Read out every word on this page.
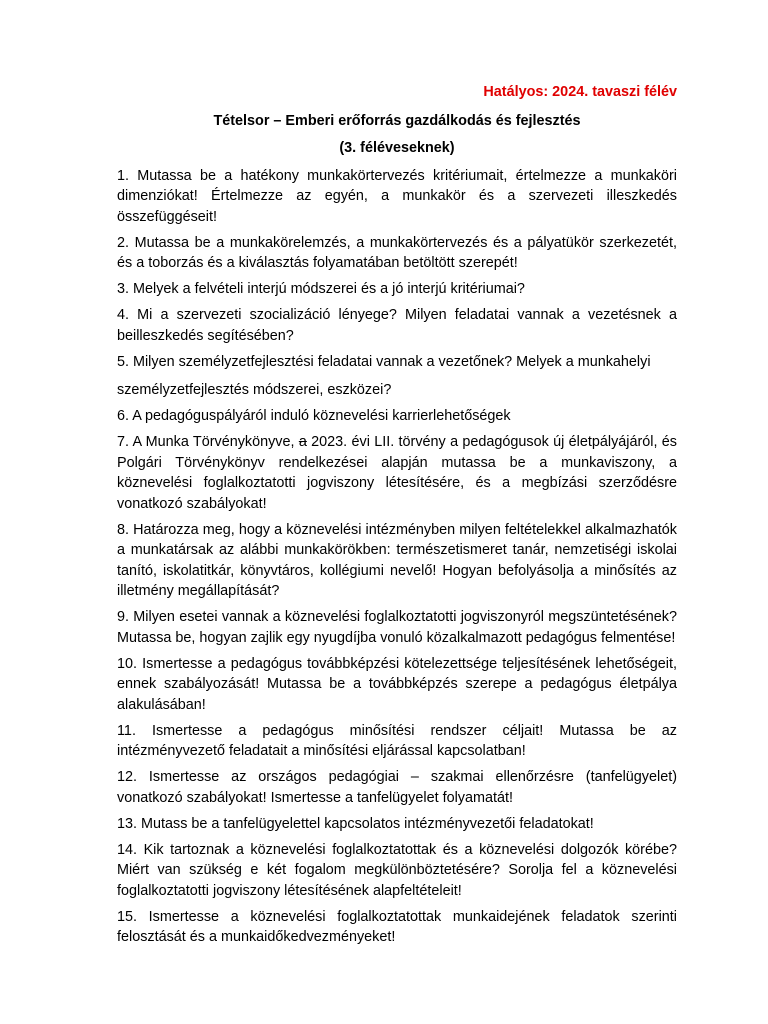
Hatályos: 2024. tavaszi félév
Tételsor – Emberi erőforrás gazdálkodás és fejlesztés
(3. féléveseknek)

1. Mutassa be a hatékony munkakörtervezés kritériumait, értelmezze a munkaköri dimenziókat! Értelmezze az egyén, a munkakör és a szervezeti illeszkedés összefüggéseit!

2. Mutassa be a munkakörelemzés, a munkakörtervezés és a pályatükör szerkezetét, és a toborzás és a kiválasztás folyamatában betöltött szerepét!

3. Melyek a felvételi interjú módszerei és a jó interjú kritériumai?

4. Mi a szervezeti szocializáció lényege? Milyen feladatai vannak a vezetésnek a beilleszkedés segítésében?

5. Milyen személyzetfejlesztési feladatai vannak a vezetőnek? Melyek a munkahelyi

személyzetfejlesztés módszerei, eszközei?

6. A pedagóguspályáról induló köznevelési karrierlehetőségek

7. A Munka Törvénykönyve, a 2023. évi LII. törvény a pedagógusok új életpályájáról, és Polgári Törvénykönyv rendelkezései alapján mutassa be a munkaviszony, a köznevelési foglalkoztatotti jogviszony létesítésére, és a megbízási szerződésre vonatkozó szabályokat!

8. Határozza meg, hogy a köznevelési intézményben milyen feltételekkel alkalmazhatók a munkatársak az alábbi munkakörökben: természetismeret tanár, nemzetiségi iskolai tanító, iskolatitkár, könyvtáros, kollégiumi nevelő! Hogyan befolyásolja a minősítés az illetmény megállapítását?

9. Milyen esetei vannak a köznevelési foglalkoztatotti jogviszonyról megszüntetésének? Mutassa be, hogyan zajlik egy nyugdíjba vonuló közalkalmazott pedagógus felmentése!

10. Ismertesse a pedagógus továbbképzési kötelezettsége teljesítésének lehetőségeit, ennek szabályozását! Mutassa be a továbbképzés szerepe a pedagógus életpálya alakulásában!

11. Ismertesse a pedagógus minősítési rendszer céljait! Mutassa be az intézményvezető feladatait a minősítési eljárással kapcsolatban!

12. Ismertesse az országos pedagógiai – szakmai ellenőrzésre (tanfelügyelet) vonatkozó szabályokat! Ismertesse a tanfelügyelet folyamatát!

13. Mutass be a tanfelügyelettel kapcsolatos intézményvezetői feladatokat!

14. Kik tartoznak a köznevelési foglalkoztatottak és a köznevelési dolgozók körébe? Miért van szükség e két fogalom megkülönböztetésére? Sorolja fel a köznevelési foglalkoztatotti jogviszony létesítésének alapfeltételeit!

15. Ismertesse a köznevelési foglalkoztatottak munkaidejének feladatok szerinti felosztását és a munkaidőkedvezményeket!
